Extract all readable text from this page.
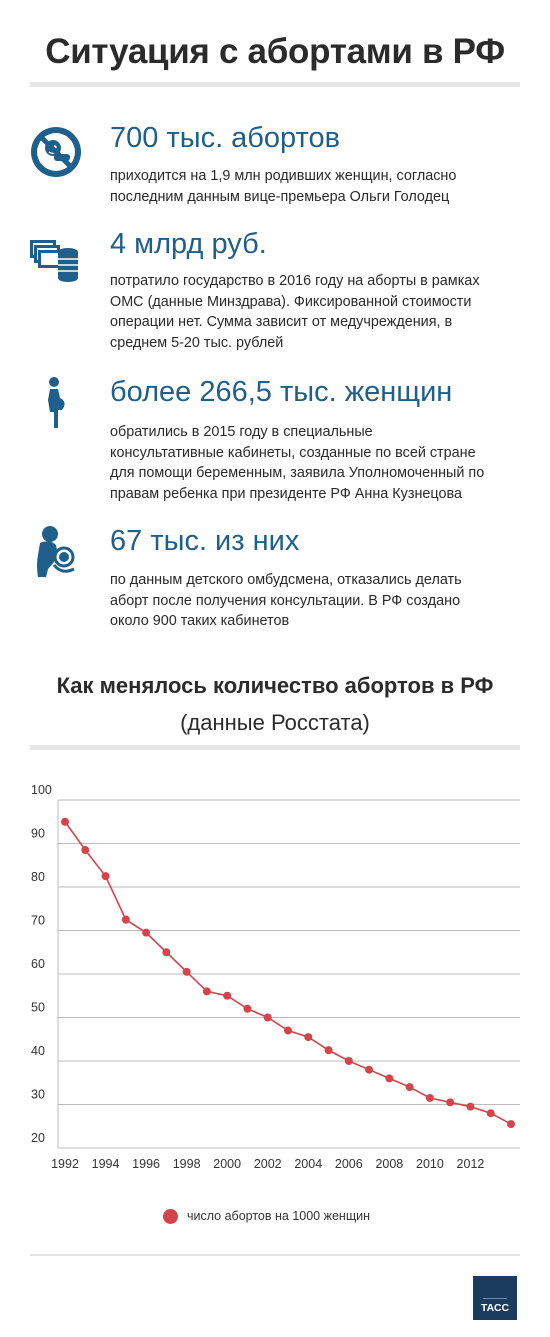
Ситуация с абортами в РФ
700 тыс. абортов
приходится на 1,9 млн родивших женщин, согласно
последним данным вице-премьера Ольги Голодец
4 млрд руб.
потратило государство в 2016 году на аборты в рамках
ОМС (данные Минздрава). Фиксированной стоимости
операции нет. Сумма зависит от медучреждения, в
среднем 5-20 тыс. рублей
более 266,5 тыс. женщин
обратились в 2015 году в специальные
консультативные кабинеты, созданные по всей стране
для помощи беременным, заявила Уполномоченный по
правам ребенка при президенте РФ Анна Кузнецова
67 тыс. из них
по данным детского омбудсмена, отказались делать
аборт после получения консультации. В РФ создано
около 900 таких кабинетов
Как менялось количество абортов в РФ
(данные Росстата)
20
30
40
50
60
70
80
90
100
1992 1994 1996 1998 2000 2002 2004 2006 2008 2010 2012
число абортов на 1000 женщин
ТАСС
